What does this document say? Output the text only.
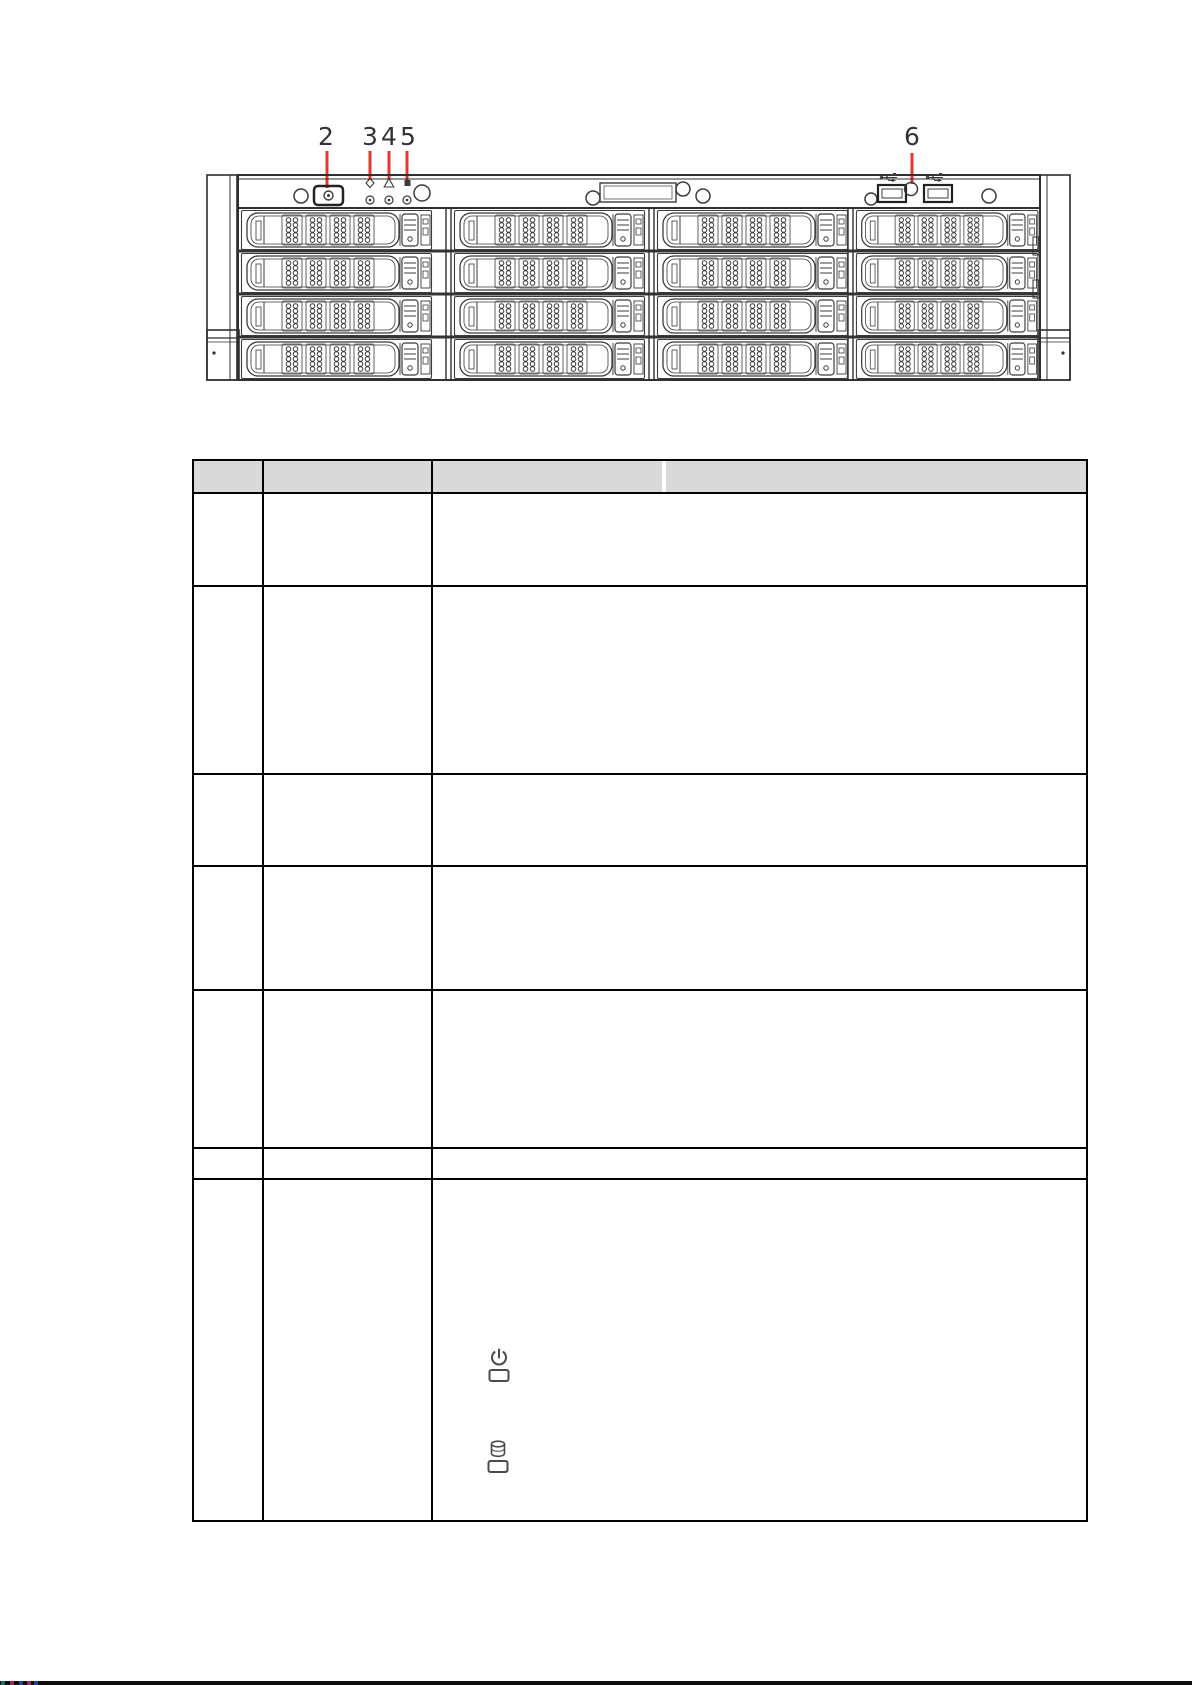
2 3 4 5	6
